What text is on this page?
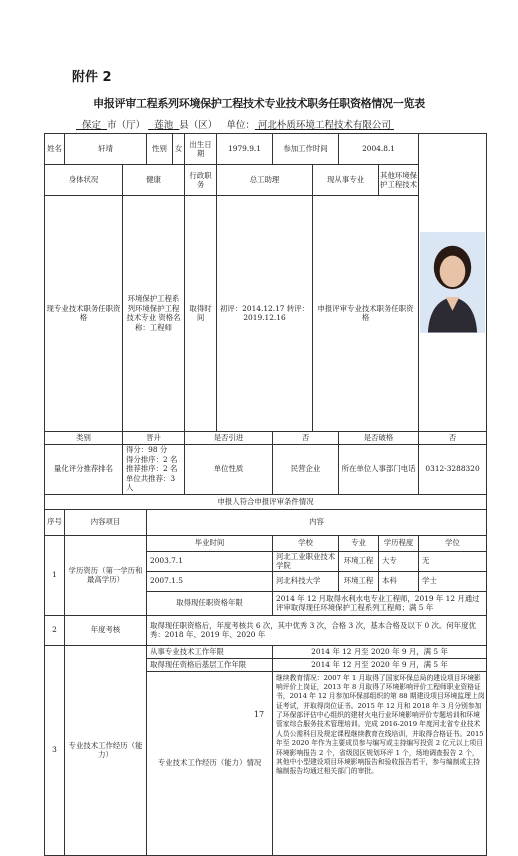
附件 2
申报评审工程系列环境保护工程技术专业技术职务任职资格情况一览表
保定 市（厅） 莲池 县（区） 单位： 河北朴质环境工程技术有限公司
姓名	轩靖		性别	女	出生日期	1979.9.1	参加工作时间		2004.8.1	

身体状况		健康			行政职务	总工助理		现从事专业		其他环境保护工程技术		
现专业技术职务任职资格		环境保护工程系列环境保护工程技术专业 资格名称：工程师			取得时间	初评：2014.12.17 转评：2019.12.16		申报评审专业技术职务任职资格	
类别		晋升			是否引进		否		是否破格		否	
量化评分推荐排名		得分：98 分
得分排序：2 名
推荐排序：2 名
单位共推荐：3 人			单位性质		民营企业		所在单位人事部门电话		0312-3288320	
申报人符合申报评审条件情况												
序号	内容项目		内容									
1	学历资历（第一学历和最高学历）		毕业时间				学校		专业	学历程度	学位	
			2003.7.1				河北工业职业技术学院		环境工程	大专	无	
			2007.1.5				河北科技大学		环境工程	本科	学士	
			取得现任职资格年限				2014 年 12 月取得水利水电专业工程师，2019 年 12 月通过评审取得现任环境保护工程系列工程师；满 5 年					
2	年度考核		取得现任职资格后，年度考核共 6 次，其中优秀 3 次，合格 3 次，基本合格及以下 0 次。何年度优秀：2018 年、2019 年、2020 年									
3	专业技术工作经历（能力）		从事专业技术工作年限				2014 年 12 月至 2020 年 9 月，满 5 年					
			取得现任资格后基层工作年限				2014 年 12 月至 2020 年 9 月，满 5 年					
			专业技术工作经历（能力）情况				继续教育情况：2007 年 1 月取得了国家环保总局的建设项目环境影响评价上岗证，2013 年 8 月取得了环境影响评价工程师职业资格证书，2014 年 12 月参加环保部组织的第 88 期建设项目环境监理上岗证考试，并取得岗位证书。2015 年 12 月和 2018 年 3 月分别参加了环保部评估中心组织的建材火电行业环境影响评价专题培训和环境管家综合服务技术管理培训。完成 2016-2019 年度河北省专业技术人员公需科目及规定课程继续教育在线培训，并取得合格证书。2015 年至 2020 年作为主要成员参与编写或主持编写投资 2 亿元以上项目环境影响报告 2 个，省级园区规划环评 1 个，场地调查报告 2 个，其他中小型建设项目环境影响报告和验收报告若干，参与编制或主持编制报告均通过相关部门的审批。					
17
